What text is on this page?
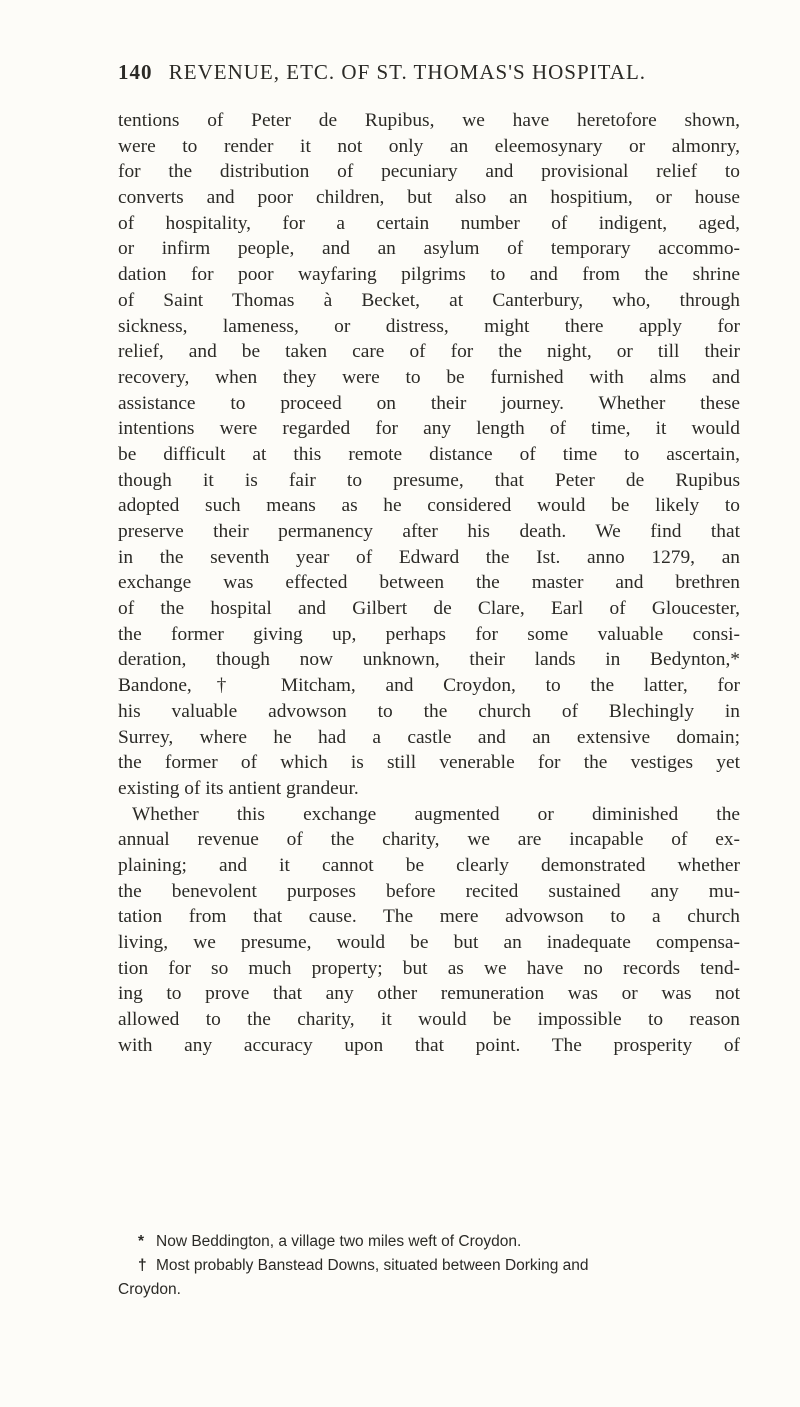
140 REVENUE, ETC. OF ST. THOMAS'S HOSPITAL.
tentions of Peter de Rupibus, we have heretofore shown,
were to render it not only an eleemosynary or almonry,
for the distribution of pecuniary and provisional relief to
converts and poor children, but also an hospitium, or house
of hospitality, for a certain number of indigent, aged,
or infirm people, and an asylum of temporary accommo-
dation for poor wayfaring pilgrims to and from the shrine
of Saint Thomas à Becket, at Canterbury, who, through
sickness, lameness, or distress, might there apply for
relief, and be taken care of for the night, or till their
recovery, when they were to be furnished with alms and
assistance to proceed on their journey. Whether these
intentions were regarded for any length of time, it would
be difficult at this remote distance of time to ascertain,
though it is fair to presume, that Peter de Rupibus
adopted such means as he considered would be likely to
preserve their permanency after his death. We find that
in the seventh year of Edward the Ist. anno 1279, an
exchange was effected between the master and brethren
of the hospital and Gilbert de Clare, Earl of Gloucester,
the former giving up, perhaps for some valuable consi-
deration, though now unknown, their lands in Bedynton,*
Bandone,† Mitcham, and Croydon, to the latter, for
his valuable advowson to the church of Blechingly in
Surrey, where he had a castle and an extensive domain;
the former of which is still venerable for the vestiges yet
existing of its antient grandeur.
Whether this exchange augmented or diminished the
annual revenue of the charity, we are incapable of ex-
plaining; and it cannot be clearly demonstrated whether
the benevolent purposes before recited sustained any mu-
tation from that cause. The mere advowson to a church
living, we presume, would be but an inadequate compensa-
tion for so much property; but as we have no records tend-
ing to prove that any other remuneration was or was not
allowed to the charity, it would be impossible to reason
with any accuracy upon that point. The prosperity of
* Now Beddington, a village two miles weft of Croydon.
† Most probably Banstead Downs, situated between Dorking and
Croydon.
